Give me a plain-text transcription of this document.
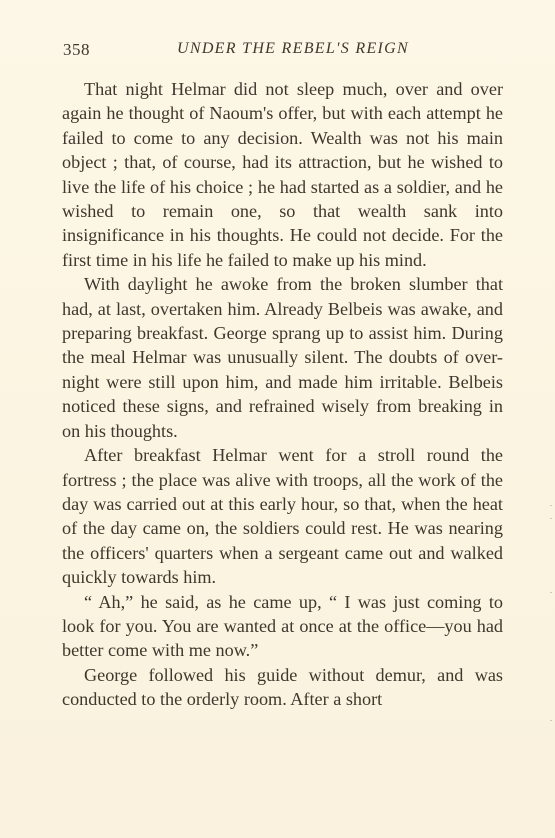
358	UNDER THE REBEL'S REIGN

That night Helmar did not sleep much, over and over again he thought of Naoum's offer, but with each attempt he failed to come to any decision. Wealth was not his main object ; that, of course, had its attraction, but he wished to live the life of his choice ; he had started as a soldier, and he wished to remain one, so that wealth sank into insignificance in his thoughts. He could not decide. For the first time in his life he failed to make up his mind.

With daylight he awoke from the broken slumber that had, at last, overtaken him. Already Belbeis was awake, and preparing breakfast. George sprang up to assist him. During the meal Helmar was unusually silent. The doubts of over-night were still upon him, and made him irritable. Belbeis noticed these signs, and refrained wisely from breaking in on his thoughts.

After breakfast Helmar went for a stroll round the fortress ; the place was alive with troops, all the work of the day was carried out at this early hour, so that, when the heat of the day came on, the soldiers could rest. He was nearing the officers' quarters when a sergeant came out and walked quickly towards him.

“ Ah,” he said, as he came up, “ I was just coming to look for you. You are wanted at once at the office—you had better come with me now.”

George followed his guide without demur, and was conducted to the orderly room. After a short
